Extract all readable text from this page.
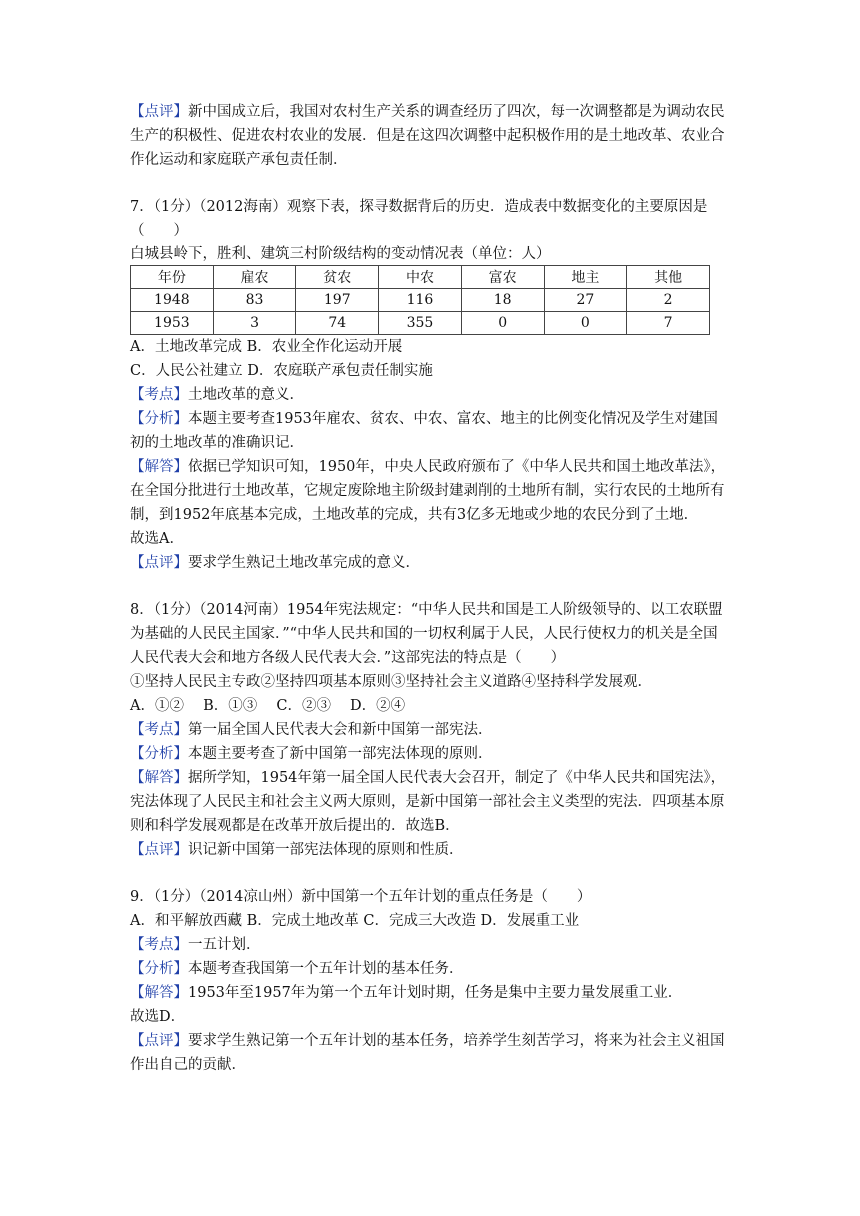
【点评】新中国成立后，我国对农村生产关系的调查经历了四次，每一次调整都是为调动农民生产的积极性、促进农村农业的发展．但是在这四次调整中起积极作用的是土地改革、农业合作化运动和家庭联产承包责任制．

7．（1分）（2012海南）观察下表，探寻数据背后的历史．造成表中数据变化的主要原因是（　　）

白城县岭下，胜利、建筑三村阶级结构的变动情况表（单位：人）

年份	雇农	贫农	中农	富农	地主	其他
1948	83	197	116	18	27	2
1953	3	74	355	0	0	7

A．土地改革完成 B．农业全作化运动开展

C．人民公社建立 D．农庭联产承包责任制实施

【考点】土地改革的意义．

【分析】本题主要考查1953年雇农、贫农、中农、富农、地主的比例变化情况及学生对建国初的土地改革的准确识记．

【解答】依据已学知识可知，1950年，中央人民政府颁布了《中华人民共和国土地改革法》，在全国分批进行土地改革，它规定废除地主阶级封建剥削的土地所有制，实行农民的土地所有制，到1952年底基本完成，土地改革的完成，共有3亿多无地或少地的农民分到了土地．

故选A．

【点评】要求学生熟记土地改革完成的意义．

8．（1分）（2014河南）1954年宪法规定：“中华人民共和国是工人阶级领导的、以工农联盟为基础的人民民主国家．”“中华人民共和国的一切权利属于人民，人民行使权力的机关是全国人民代表大会和地方各级人民代表大会．”这部宪法的特点是（　　）

①坚持人民民主专政②坚持四项基本原则③坚持社会主义道路④坚持科学发展观．

A．①②　 B．①③　 C．②③　 D．②④

【考点】第一届全国人民代表大会和新中国第一部宪法．

【分析】本题主要考查了新中国第一部宪法体现的原则．

【解答】据所学知，1954年第一届全国人民代表大会召开，制定了《中华人民共和国宪法》，宪法体现了人民民主和社会主义两大原则，是新中国第一部社会主义类型的宪法．四项基本原则和科学发展观都是在改革开放后提出的．故选B．

【点评】识记新中国第一部宪法体现的原则和性质．

9．（1分）（2014凉山州）新中国第一个五年计划的重点任务是（　　）

A．和平解放西藏 B．完成土地改革 C．完成三大改造 D．发展重工业

【考点】一五计划．

【分析】本题考查我国第一个五年计划的基本任务．

【解答】1953年至1957年为第一个五年计划时期，任务是集中主要力量发展重工业．

故选D．

【点评】要求学生熟记第一个五年计划的基本任务，培养学生刻苦学习，将来为社会主义祖国作出自己的贡献．
